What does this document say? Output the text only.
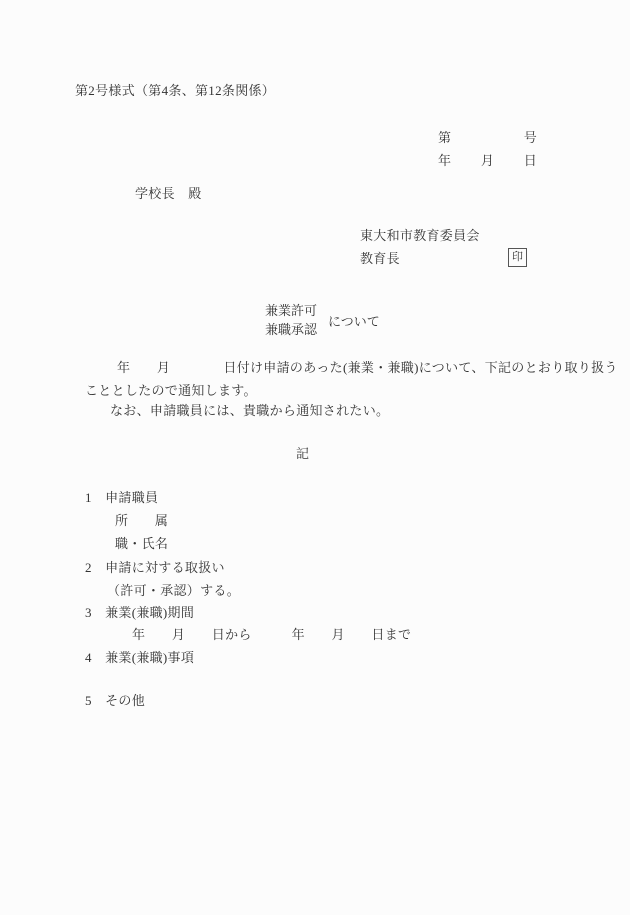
第2号様式（第4条、第12条関係）
第	号
年 月 日
学校長　殿
東大和市教育委員会
教育長	印
兼業許可
兼職承認
について
年　　月　　　　日付け申請のあった(兼業・兼職)について、下記のとおり取り扱う
こととしたので通知します。
なお、申請職員には、貴職から通知されたい。
記
1　申請職員
所　　属
職・氏名
2　申請に対する取扱い
（許可・承認）する。
3　兼業(兼職)期間
年　　月　　日から　　　年　　月　　日まで
4　兼業(兼職)事項
5　その他
